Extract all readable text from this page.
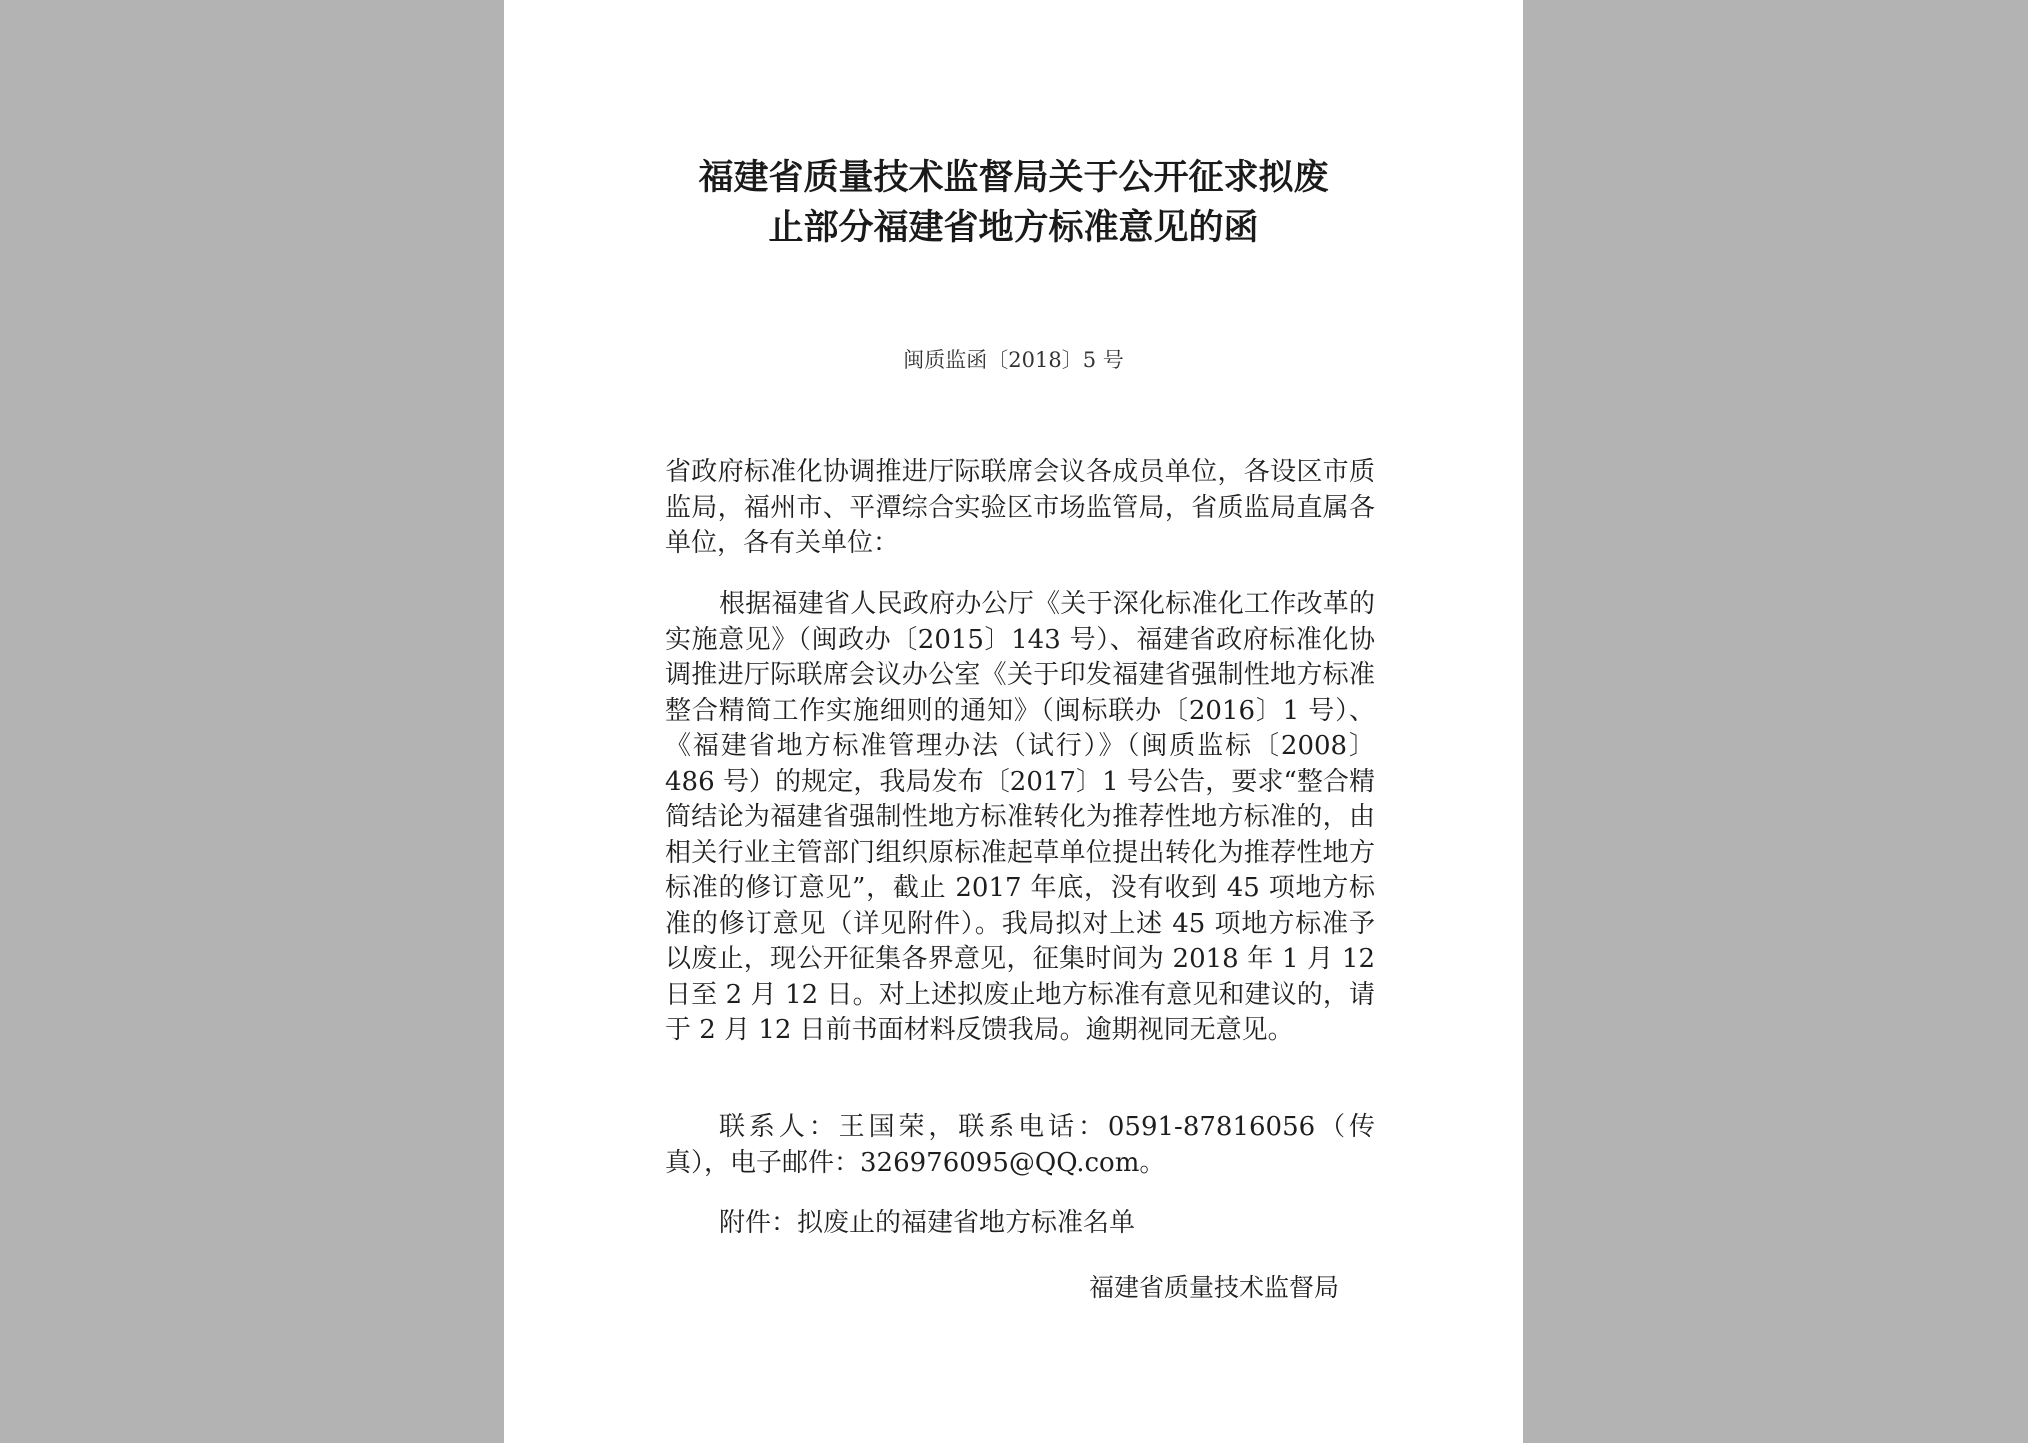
福建省质量技术监督局关于公开征求拟废
止部分福建省地方标准意见的函
闽质监函〔2018〕5 号
省政府标准化协调推进厅际联席会议各成员单位，各设区市质监局，福州市、平潭综合实验区市场监管局，省质监局直属各单位，各有关单位：
根据福建省人民政府办公厅《关于深化标准化工作改革的实施意见》（闽政办〔2015〕143 号）、福建省政府标准化协调推进厅际联席会议办公室《关于印发福建省强制性地方标准整合精简工作实施细则的通知》（闽标联办〔2016〕1 号）、《福建省地方标准管理办法（试行）》（闽质监标〔2008〕486 号）的规定，我局发布〔2017〕1 号公告，要求“整合精简结论为福建省强制性地方标准转化为推荐性地方标准的，由相关行业主管部门组织原标准起草单位提出转化为推荐性地方标准的修订意见”，截止 2017 年底，没有收到 45 项地方标准的修订意见（详见附件）。我局拟对上述 45 项地方标准予以废止，现公开征集各界意见，征集时间为 2018 年 1 月 12 日至 2 月 12 日。对上述拟废止地方标准有意见和建议的，请于 2 月 12 日前书面材料反馈我局。逾期视同无意见。
联系人：王国荣，联系电话：0591-87816056（传真），电子邮件：326976095@QQ.com。
附件：拟废止的福建省地方标准名单
福建省质量技术监督局
